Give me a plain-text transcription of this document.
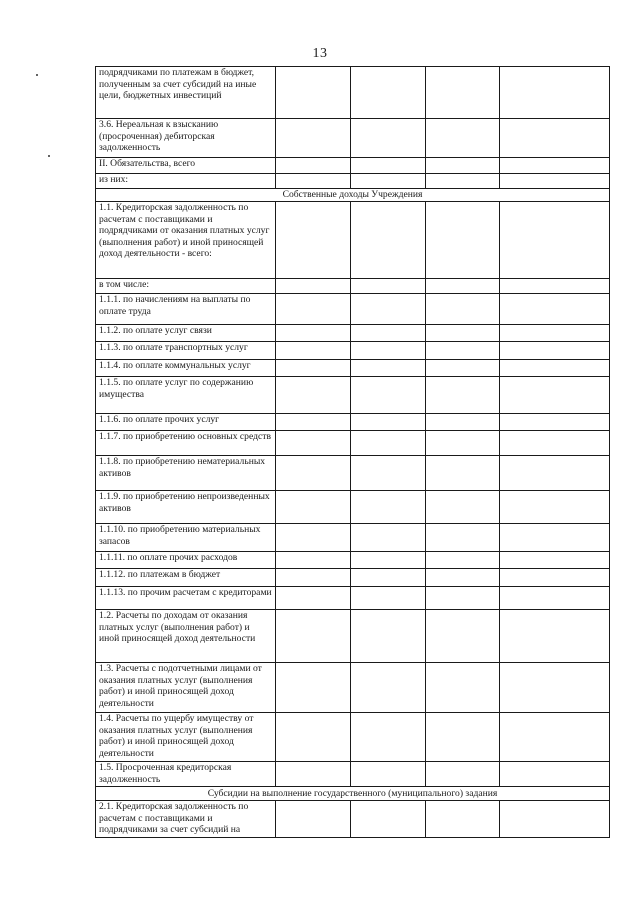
13
подрядчиками по платежам в бюджет, полученным за счет субсидий на иные цели, бюджетных инвестиций				
3.6. Нереальная к взысканию (просроченная) дебиторская задолженность				
II. Обязательства, всего				
из них:				
Собственные доходы Учреждения				
1.1. Кредиторская задолженность по расчетам с поставщиками и подрядчиками от оказания платных услуг (выполнения работ) и иной приносящей доход деятельности - всего:				
в том числе:				
1.1.1. по начислениям на выплаты по оплате труда				
1.1.2. по оплате услуг связи				
1.1.3. по оплате транспортных услуг				
1.1.4. по оплате коммунальных услуг				
1.1.5. по оплате услуг по содержанию имущества				
1.1.6. по оплате прочих услуг				
1.1.7. по приобретению основных средств				
1.1.8. по приобретению нематериальных активов				
1.1.9. по приобретению непроизведенных активов				
1.1.10. по приобретению материальных запасов				
1.1.11. по оплате прочих расходов				
1.1.12. по платежам в бюджет				
1.1.13. по прочим расчетам с кредиторами				
1.2. Расчеты по доходам от оказания платных услуг (выполнения работ) и иной приносящей доход деятельности				
1.3. Расчеты с подотчетными лицами от оказания платных услуг (выполнения работ) и иной приносящей доход деятельности				
1.4. Расчеты по ущербу имуществу от оказания платных услуг (выполнения работ) и иной приносящей доход деятельности				
1.5. Просроченная кредиторская задолженность				
Субсидии на выполнение государственного (муниципального) задания				
2.1. Кредиторская задолженность по расчетам с поставщиками и подрядчиками за счет субсидий на				
